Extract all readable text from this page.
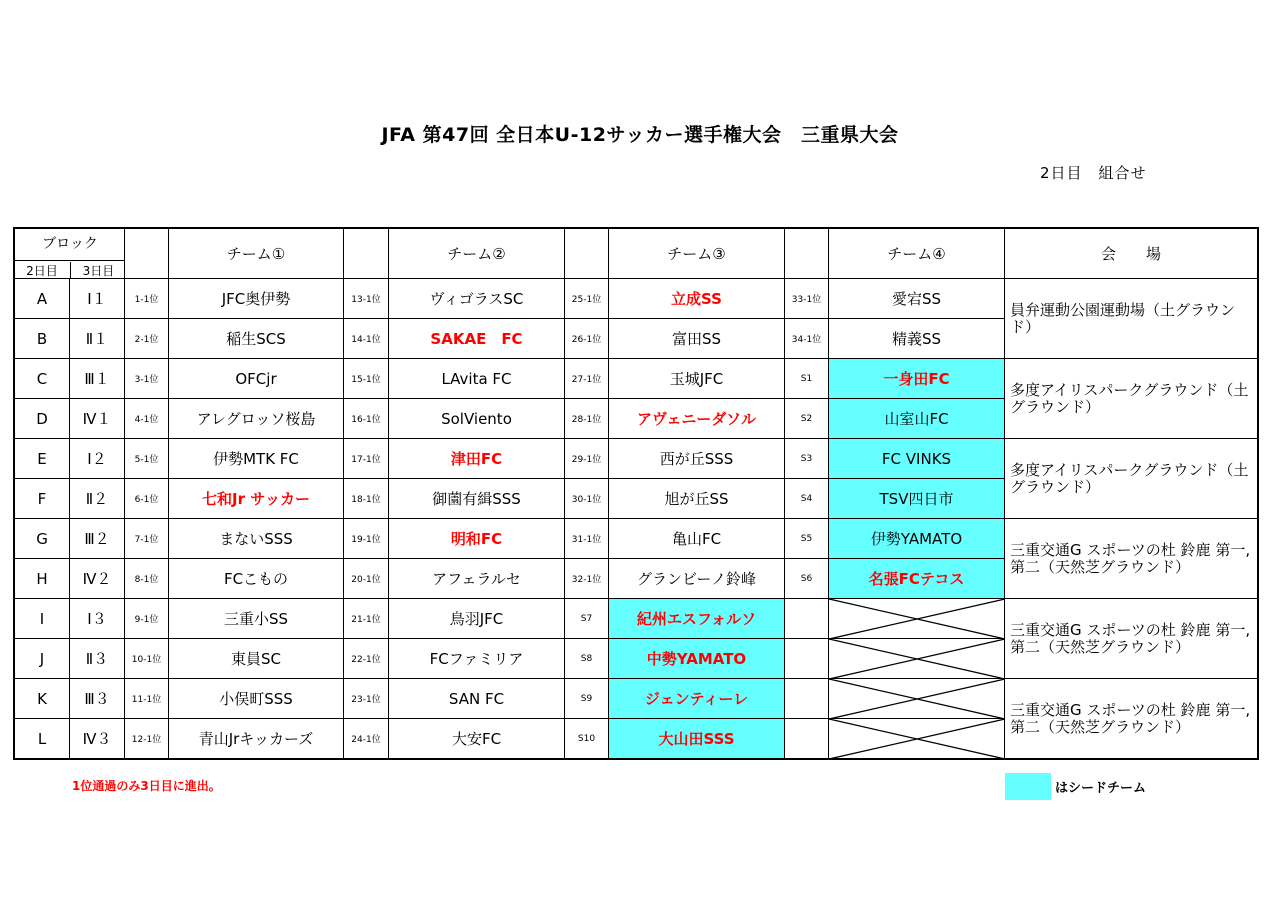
JFA 第47回 全日本U-12サッカー選手権大会　三重県大会
2日目　組合せ
ブロック
2日目 3日目			チーム①		チーム②		チーム③		チーム④	会　　場
A	Ⅰ１	1-1位	JFC奥伊勢	13-1位	ヴィゴラスSC	25-1位	立成SS	33-1位	愛宕SS	員弁運動公園運動場（土グラウンド）
B	Ⅱ１	2-1位	稲生SCS	14-1位	SAKAE　FC	26-1位	富田SS	34-1位	精義SS	
C	Ⅲ１	3-1位	OFCjr	15-1位	LAvita FC	27-1位	玉城JFC	S1	一身田FC	多度アイリスパークグラウンド（土グラウンド）
D	Ⅳ１	4-1位	アレグロッソ桜島	16-1位	SolViento	28-1位	アヴェニーダソル	S2	山室山FC	
E	Ⅰ２	5-1位	伊勢MTK FC	17-1位	津田FC	29-1位	西が丘SSS	S3	FC VINKS	多度アイリスパークグラウンド（土グラウンド）
F	Ⅱ２	6-1位	七和Jr サッカー	18-1位	御薗有緝SSS	30-1位	旭が丘SS	S4	TSV四日市	
G	Ⅲ２	7-1位	まないSSS	19-1位	明和FC	31-1位	亀山FC	S5	伊勢YAMATO	三重交通G スポーツの杜 鈴鹿 第一,第二（天然芝グラウンド）
H	Ⅳ２	8-1位	FCこもの	20-1位	アフェラルセ	32-1位	グランビーノ鈴峰	S6	名張FCテコス	
I	Ⅰ３	9-1位	三重小SS	21-1位	鳥羽JFC	S7	紀州エスフォルソ			三重交通G スポーツの杜 鈴鹿 第一,第二（天然芝グラウンド）
J	Ⅱ３	10-1位	東員SC	22-1位	FCファミリア	S8	中勢YAMATO		

K	Ⅲ３	11-1位	小俣町SSS	23-1位	SAN FC	S9	ジェンティーレ			三重交通G スポーツの杜 鈴鹿 第一,第二（天然芝グラウンド）
L	Ⅳ３	12-1位	青山Jrキッカーズ	24-1位	大安FC	S10	大山田SSS		
1位通過のみ3日目に進出。	はシードチーム
